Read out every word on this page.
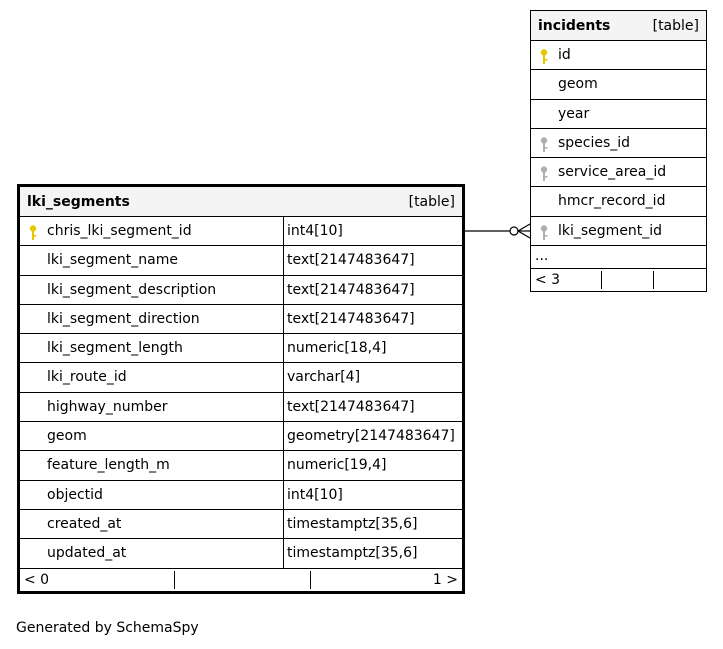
incidents	[table]
id
geom
year
species_id
service_area_id
hmcr_record_id
lki_segment_id
...
< 3
lki_segments	[table]
chris_lki_segment_id	int4[10]
lki_segment_name	text[2147483647]
lki_segment_description	text[2147483647]
lki_segment_direction	text[2147483647]
lki_segment_length	numeric[18,4]
lki_route_id	varchar[4]
highway_number	text[2147483647]
geom	geometry[2147483647]
feature_length_m	numeric[19,4]
objectid	int4[10]
created_at	timestamptz[35,6]
updated_at	timestamptz[35,6]
< 0	1 >
Generated by SchemaSpy
